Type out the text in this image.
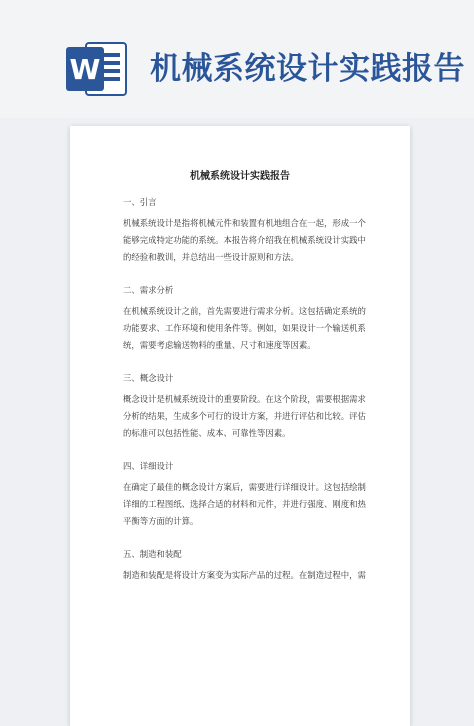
W 机械系统设计实践报告
机械系统设计实践报告
一、引言
机械系统设计是指将机械元件和装置有机地组合在一起，形成一个能够完成特定功能的系统。本报告将介绍我在机械系统设计实践中的经验和教训，并总结出一些设计原则和方法。
二、需求分析
在机械系统设计之前，首先需要进行需求分析。这包括确定系统的功能要求、工作环境和使用条件等。例如，如果设计一个输送机系统，需要考虑输送物料的重量、尺寸和速度等因素。
三、概念设计
概念设计是机械系统设计的重要阶段。在这个阶段，需要根据需求分析的结果，生成多个可行的设计方案，并进行评估和比较。评估的标准可以包括性能、成本、可靠性等因素。
四、详细设计
在确定了最佳的概念设计方案后，需要进行详细设计。这包括绘制详细的工程图纸、选择合适的材料和元件，并进行强度、刚度和热平衡等方面的计算。
五、制造和装配
制造和装配是将设计方案变为实际产品的过程。在制造过程中，需
